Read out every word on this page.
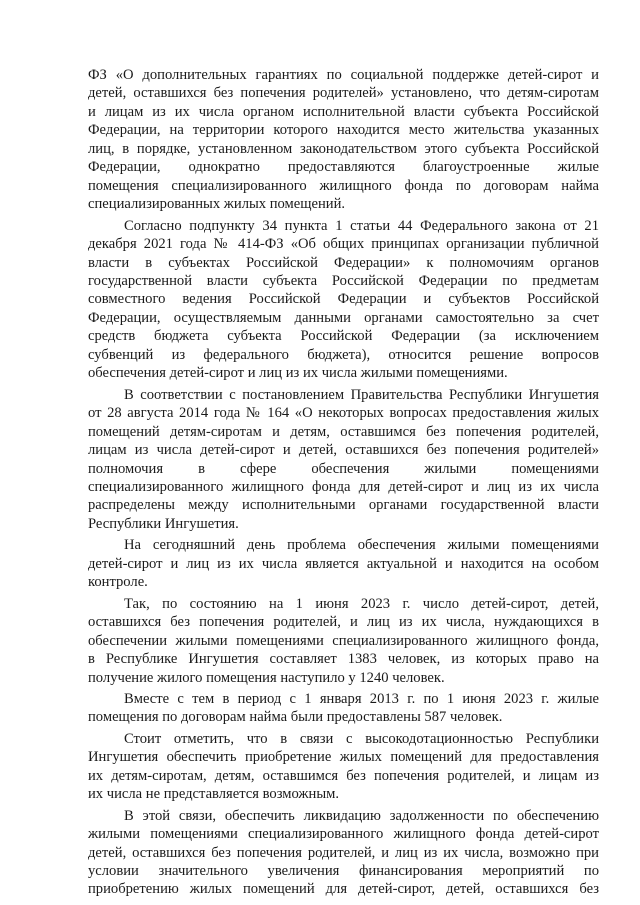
ФЗ «О дополнительных гарантиях по социальной поддержке детей-сирот и
детей, оставшихся без попечения родителей» установлено, что детям-сиротам
и лицам из их числа органом исполнительной власти субъекта Российской
Федерации, на территории которого находится место жительства указанных
лиц, в порядке, установленном законодательством этого субъекта Российской
Федерации, однократно предоставляются благоустроенные жилые
помещения специализированного жилищного фонда по договорам найма
специализированных жилых помещений.
Согласно подпункту 34 пункта 1 статьи 44 Федерального закона от 21
декабря 2021 года № 414-ФЗ «Об общих принципах организации публичной
власти в субъектах Российской Федерации» к полномочиям органов
государственной власти субъекта Российской Федерации по предметам
совместного ведения Российской Федерации и субъектов Российской
Федерации, осуществляемым данными органами самостоятельно за счет
средств бюджета субъекта Российской Федерации (за исключением
субвенций из федерального бюджета), относится решение вопросов
обеспечения детей-сирот и лиц из их числа жилыми помещениями.
В соответствии с постановлением Правительства Республики Ингушетия
от 28 августа 2014 года № 164 «О некоторых вопросах предоставления жилых
помещений детям-сиротам и детям, оставшимся без попечения родителей,
лицам из числа детей-сирот и детей, оставшихся без попечения родителей»
полномочия в сфере обеспечения жилыми помещениями
специализированного жилищного фонда для детей-сирот и лиц из их числа
распределены между исполнительными органами государственной власти
Республики Ингушетия.
На сегодняшний день проблема обеспечения жилыми помещениями
детей-сирот и лиц из их числа является актуальной и находится на особом
контроле.
Так, по состоянию на 1 июня 2023 г. число детей-сирот, детей,
оставшихся без попечения родителей, и лиц из их числа, нуждающихся в
обеспечении жилыми помещениями специализированного жилищного фонда,
в Республике Ингушетия составляет 1383 человек, из которых право на
получение жилого помещения наступило у 1240 человек.
Вместе с тем в период с 1 января 2013 г. по 1 июня 2023 г. жилые
помещения по договорам найма были предоставлены 587 человек.
Стоит отметить, что в связи с высокодотационностью Республики
Ингушетия обеспечить приобретение жилых помещений для предоставления
их детям-сиротам, детям, оставшимся без попечения родителей, и лицам из
их числа не представляется возможным.
В этой связи, обеспечить ликвидацию задолженности по обеспечению
жилыми помещениями специализированного жилищного фонда детей-сирот
детей, оставшихся без попечения родителей, и лиц из их числа, возможно при
условии значительного увеличения финансирования мероприятий по
приобретению жилых помещений для детей-сирот, детей, оставшихся без
